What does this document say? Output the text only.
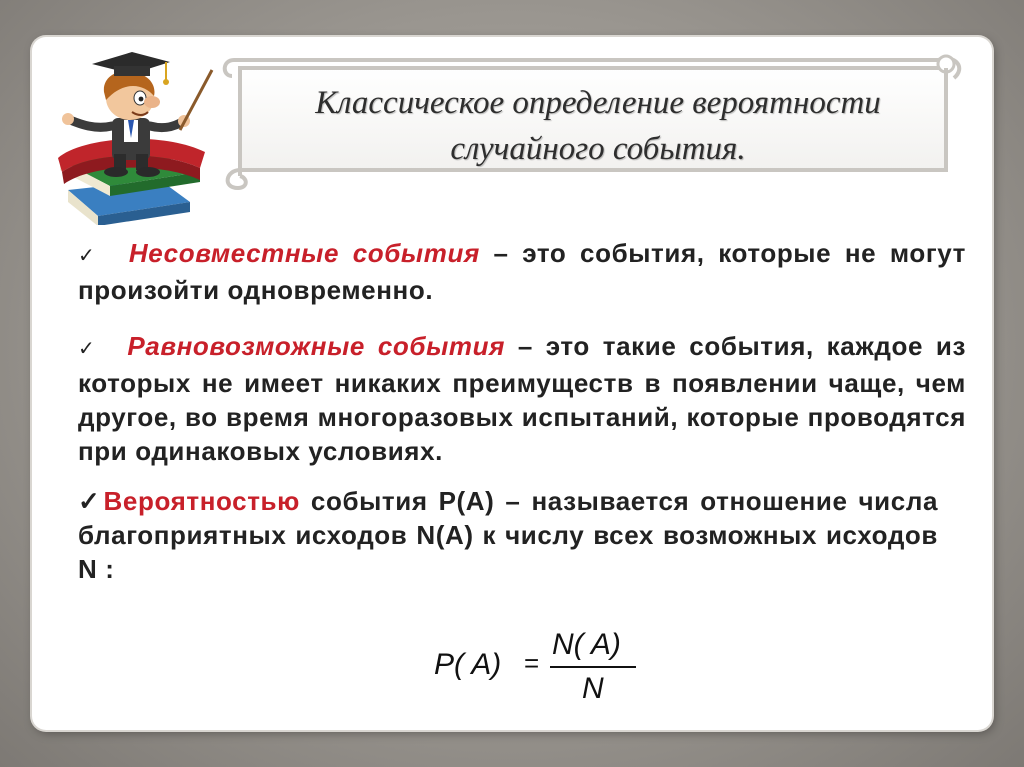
Классическое определение вероятности
случайного события.
✓ Несовместные события – это события, которые не могут произойти одновременно.
✓ Равновозможные события – это такие события, каждое из которых не имеет никаких преимуществ в появлении чаще, чем другое, во время многоразовых испытаний, которые проводятся при одинаковых условиях.
✓Вероятностью события P(A) – называется отношение числа благоприятных исходов N(A) к числу всех возможных исходов N :
P( A) =
N( A)
N
